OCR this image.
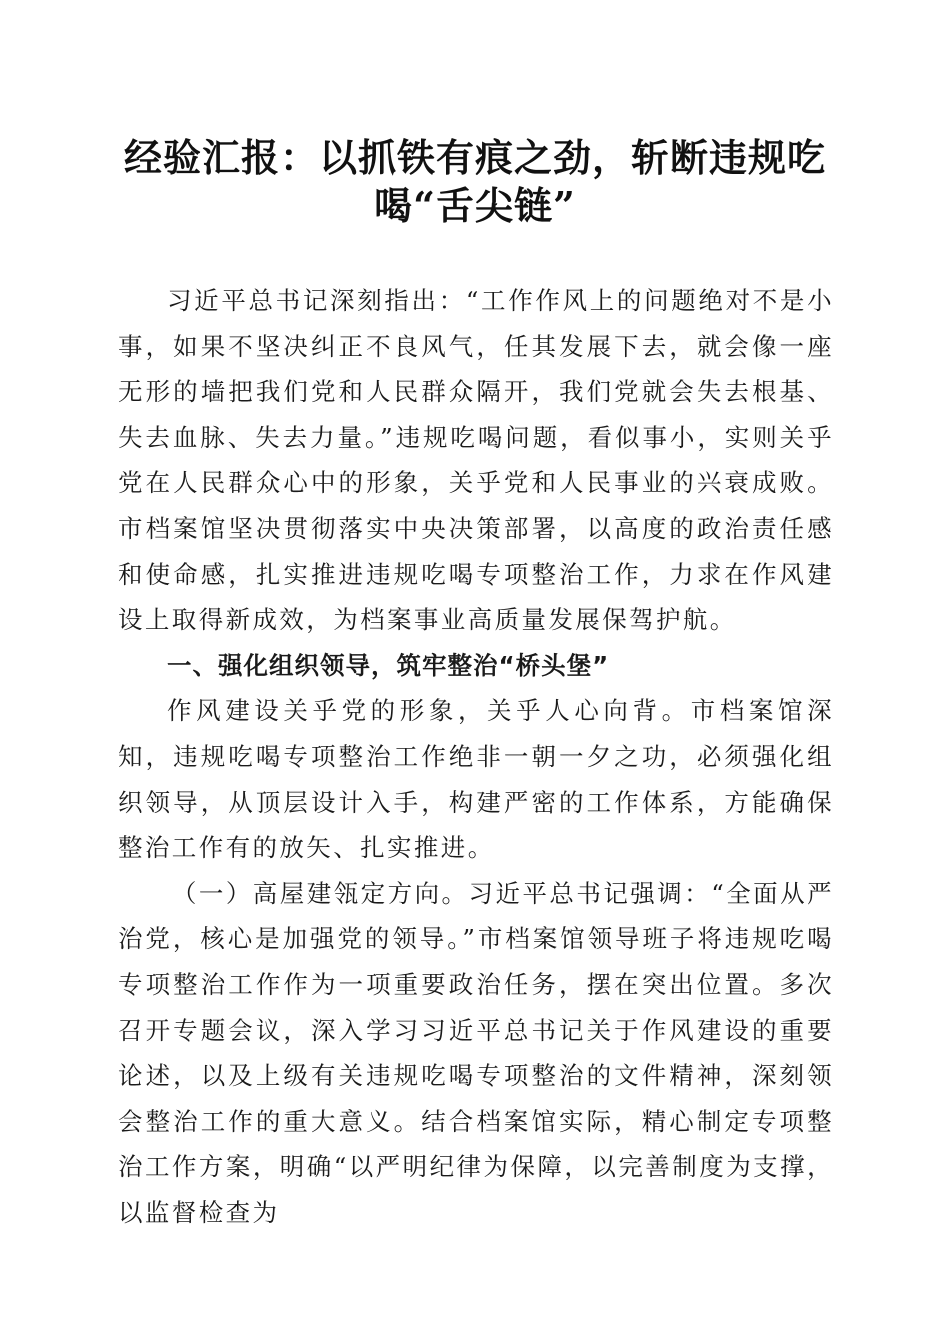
经验汇报：以抓铁有痕之劲，斩断违规吃
喝“舌尖链”

习近平总书记深刻指出：“工作作风上的问题绝对不是小事，如果不坚决纠正不良风气，任其发展下去，就会像一座无形的墙把我们党和人民群众隔开，我们党就会失去根基、失去血脉、失去力量。”违规吃喝问题，看似事小，实则关乎党在人民群众心中的形象，关乎党和人民事业的兴衰成败。市档案馆坚决贯彻落实中央决策部署，以高度的政治责任感和使命感，扎实推进违规吃喝专项整治工作，力求在作风建设上取得新成效，为档案事业高质量发展保驾护航。

一、强化组织领导，筑牢整治“桥头堡”

作风建设关乎党的形象，关乎人心向背。市档案馆深知，违规吃喝专项整治工作绝非一朝一夕之功，必须强化组织领导，从顶层设计入手，构建严密的工作体系，方能确保整治工作有的放矢、扎实推进。

（一）高屋建瓴定方向。习近平总书记强调：“全面从严治党，核心是加强党的领导。”市档案馆领导班子将违规吃喝专项整治工作作为一项重要政治任务，摆在突出位置。多次召开专题会议，深入学习习近平总书记关于作风建设的重要论述，以及上级有关违规吃喝专项整治的文件精神，深刻领会整治工作的重大意义。结合档案馆实际，精心制定专项整治工作方案，明确“以严明纪律为保障，以完善制度为支撑，以监督检查为
